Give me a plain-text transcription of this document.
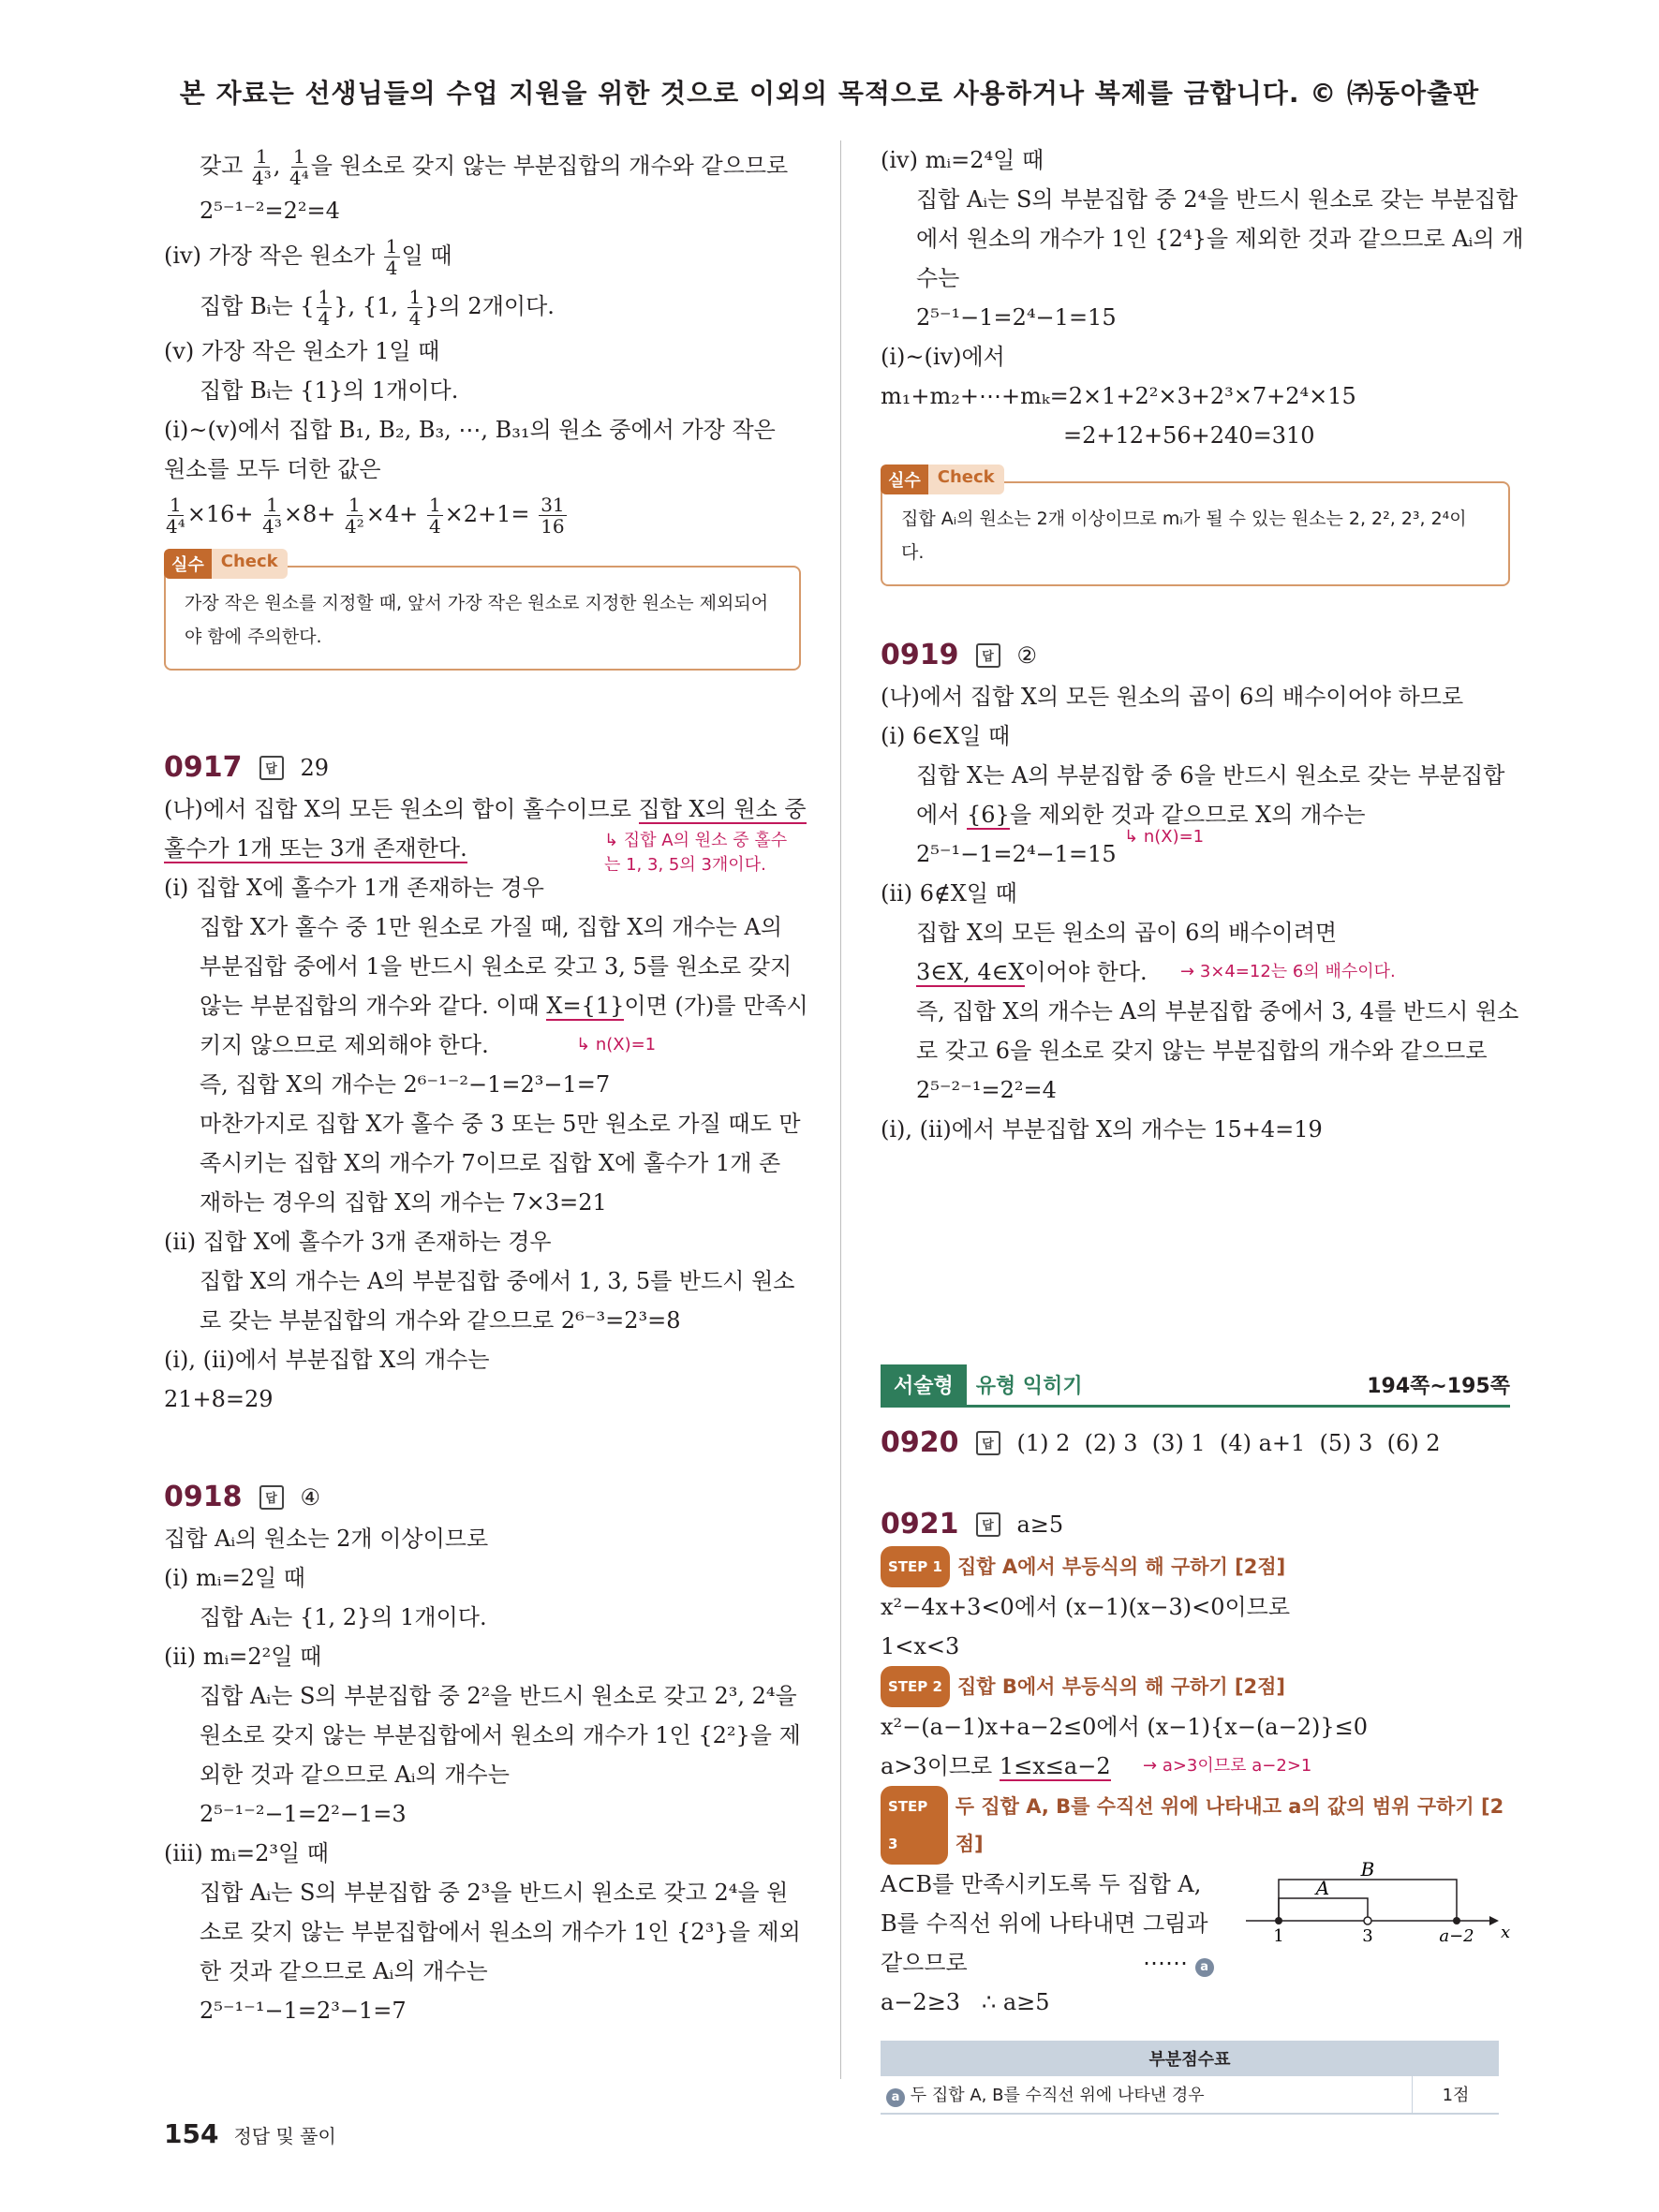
본 자료는 선생님들의 수업 지원을 위한 것으로 이외의 목적으로 사용하거나 복제를 금합니다. © ㈜동아출판
갖고 $\frac{1}{\text{4³}}$ , $\frac{1}{\text{4⁴}}$ 을 원소로 갖지 않는 부분집합의 개수와 같으므로
2⁵⁻¹⁻²=2²=4
(iv) 가장 작은 원소가 $\frac{1}{4}$ 일 때
집합 Bᵢ는 { $\frac{1}{4}$ }, {1, $\frac{1}{4}$ }의 2개이다.
(v) 가장 작은 원소가 1일 때
집합 Bᵢ는 {1}의 1개이다.
(i)~(v)에서 집합 B₁, B₂, B₃, ⋯, B₃₁의 원소 중에서 가장 작은
원소를 모두 더한 값은
$\frac{1}{\text{4⁴}} \times 16+ \frac{1}{\text{4³}} \times 8+ \frac{1}{\text{4²}} \times 4+ \frac{1}{4} \times 2+1= \frac{31}{16}$
실수	Check
가장 작은 원소를 지정할 때, 앞서 가장 작은 원소로 지정한 원소는 제외되어야 함에 주의한다.
0917	답 29
(나)에서 집합 X의 모든 원소의 합이 홀수이므로 집합 X의 원소 중
홀수가 1개 또는 3개 존재한다.	↳ 집합 A의 원소 중 홀수는 1, 3, 5의 3개이다.
(i) 집합 X에 홀수가 1개 존재하는 경우
집합 X가 홀수 중 1만 원소로 가질 때, 집합 X의 개수는 A의
부분집합 중에서 1을 반드시 원소로 갖고 3, 5를 원소로 갖지
않는 부분집합의 개수와 같다. 이때 X={1}이면 (가)를 만족시
키지 않으므로 제외해야 한다.	↳ n(X)=1
즉, 집합 X의 개수는 2⁶⁻¹⁻²−1=2³−1=7
마찬가지로 집합 X가 홀수 중 3 또는 5만 원소로 가질 때도 만
족시키는 집합 X의 개수가 7이므로 집합 X에 홀수가 1개 존
재하는 경우의 집합 X의 개수는 7×3=21
(ii) 집합 X에 홀수가 3개 존재하는 경우
집합 X의 개수는 A의 부분집합 중에서 1, 3, 5를 반드시 원소
로 갖는 부분집합의 개수와 같으므로 2⁶⁻³=2³=8
(i), (ii)에서 부분집합 X의 개수는
21+8=29
0918	답 ④
집합 Aᵢ의 원소는 2개 이상이므로
(i) mᵢ=2일 때
집합 Aᵢ는 {1, 2}의 1개이다.
(ii) mᵢ=2²일 때
집합 Aᵢ는 S의 부분집합 중 2²을 반드시 원소로 갖고 2³, 2⁴을
원소로 갖지 않는 부분집합에서 원소의 개수가 1인 {2²}을 제
외한 것과 같으므로 Aᵢ의 개수는
2⁵⁻¹⁻²−1=2²−1=3
(iii) mᵢ=2³일 때
집합 Aᵢ는 S의 부분집합 중 2³을 반드시 원소로 갖고 2⁴을 원
소로 갖지 않는 부분집합에서 원소의 개수가 1인 {2³}을 제외
한 것과 같으므로 Aᵢ의 개수는
2⁵⁻¹⁻¹−1=2³−1=7
(iv) mᵢ=2⁴일 때
집합 Aᵢ는 S의 부분집합 중 2⁴을 반드시 원소로 갖는 부분집합
에서 원소의 개수가 1인 {2⁴}을 제외한 것과 같으므로 Aᵢ의 개
수는
2⁵⁻¹−1=2⁴−1=15
(i)~(iv)에서
m₁+m₂+⋯+mₖ=2×1+2²×3+2³×7+2⁴×15
=2+12+56+240=310
실수	Check
집합 Aᵢ의 원소는 2개 이상이므로 mᵢ가 될 수 있는 원소는 2, 2², 2³, 2⁴이다.
0919	답 ②
(나)에서 집합 X의 모든 원소의 곱이 6의 배수이어야 하므로
(i) 6∈X일 때
집합 X는 A의 부분집합 중 6을 반드시 원소로 갖는 부분집합
에서 {6}을 제외한 것과 같으므로 X의 개수는
↳ n(X)=1
2⁵⁻¹−1=2⁴−1=15
(ii) 6∉X일 때
집합 X의 모든 원소의 곱이 6의 배수이려면
3∈X, 4∈X이어야 한다. → 3×4=12는 6의 배수이다.
즉, 집합 X의 개수는 A의 부분집합 중에서 3, 4를 반드시 원소
로 갖고 6을 원소로 갖지 않는 부분집합의 개수와 같으므로
2⁵⁻²⁻¹=2²=4
(i), (ii)에서 부분집합 X의 개수는 15+4=19
서술형	유형 익히기	194쪽~195쪽
0920	답 (1) 2  (2) 3  (3) 1  (4) a+1  (5) 3  (6) 2
0921	답 a≥5
STEP 1 집합 A에서 부등식의 해 구하기 [2점]
x²−4x+3<0에서 (x−1)(x−3)<0이므로
1<x<3
STEP 2 집합 B에서 부등식의 해 구하기 [2점]
x²−(a−1)x+a−2≤0에서 (x−1){x−(a−2)}≤0
a>3이므로 1≤x≤a−2 → a>3이므로 a−2>1
STEP 3
두 집합 A, B를 수직선 위에 나타내고 a의 값의 범위 구하기 [2점]
A⊂B를 만족시키도록 두 집합 A,
B를 수직선 위에 나타내면 그림과
같으므로	⋯⋯ a
a−2≥3   ∴ a≥5
B
A
1	3	a−2 x
부분점수표
a 두 집합 A, B를 수직선 위에 나타낸 경우	1점
154 정답 및 풀이
